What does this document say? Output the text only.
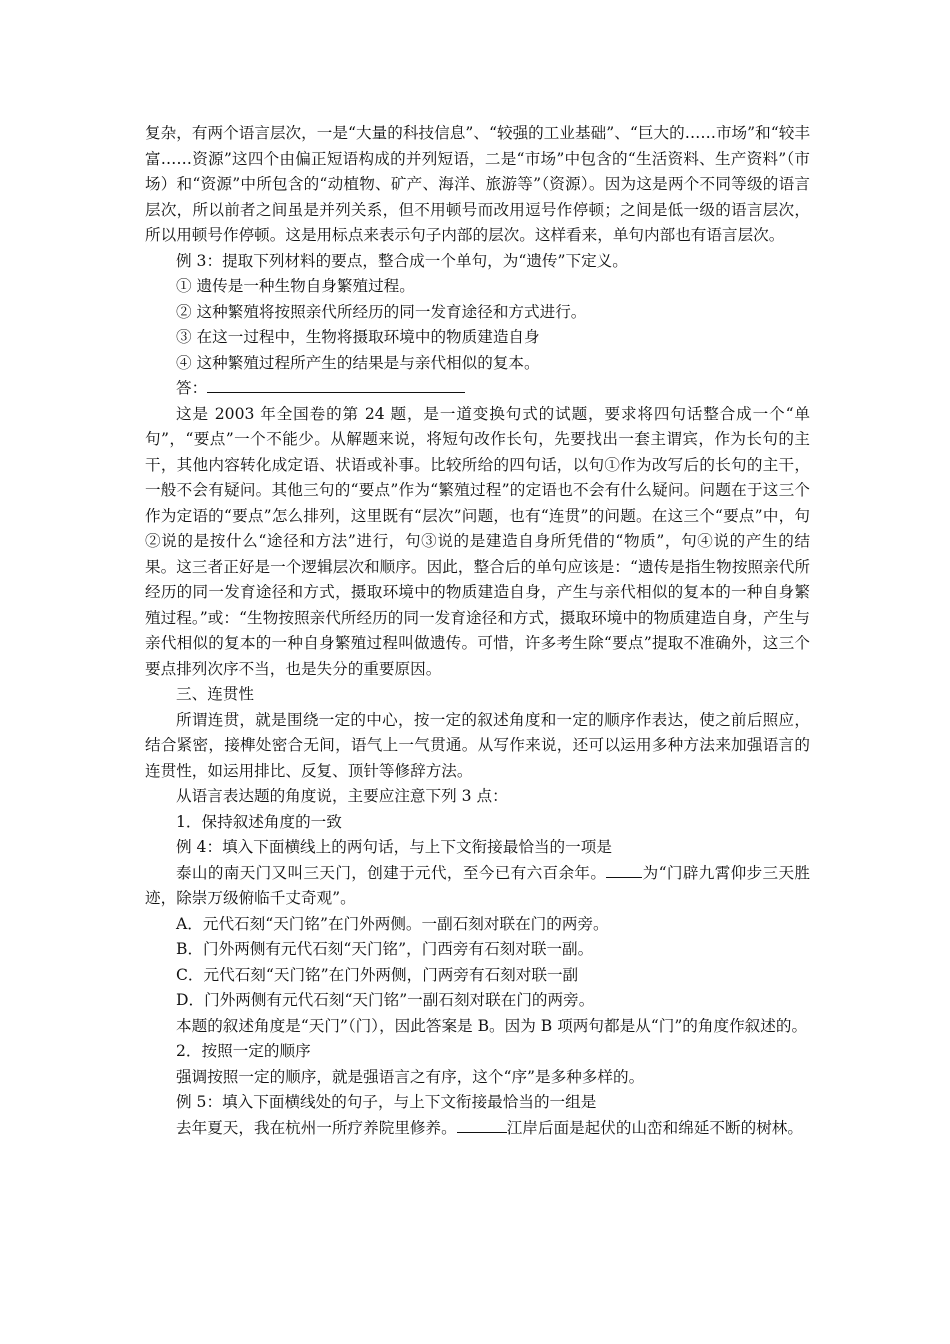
复杂，有两个语言层次，一是“大量的科技信息”、“较强的工业基础”、“巨大的……市场”和“较丰富……资源”这四个由偏正短语构成的并列短语，二是“市场”中包含的“生活资料、生产资料”（市场）和“资源”中所包含的“动植物、矿产、海洋、旅游等”（资源）。因为这是两个不同等级的语言层次，所以前者之间虽是并列关系，但不用顿号而改用逗号作停顿；之间是低一级的语言层次，所以用顿号作停顿。这是用标点来表示句子内部的层次。这样看来，单句内部也有语言层次。

例 3：提取下列材料的要点，整合成一个单句，为“遗传”下定义。

① 遗传是一种生物自身繁殖过程。

② 这种繁殖将按照亲代所经历的同一发育途径和方式进行。

③ 在这一过程中，生物将摄取环境中的物质建造自身

④ 这种繁殖过程所产生的结果是与亲代相似的复本。

答：

这是 2003 年全国卷的第 24 题，是一道变换句式的试题，要求将四句话整合成一个“单句”，“要点”一个不能少。从解题来说，将短句改作长句，先要找出一套主谓宾，作为长句的主干，其他内容转化成定语、状语或补事。比较所给的四句话，以句①作为改写后的长句的主干，一般不会有疑问。其他三句的“要点”作为“繁殖过程”的定语也不会有什么疑问。问题在于这三个作为定语的“要点”怎么排列，这里既有“层次”问题，也有“连贯”的问题。在这三个“要点”中，句②说的是按什么“途径和方法”进行，句③说的是建造自身所凭借的“物质”，句④说的产生的结果。这三者正好是一个逻辑层次和顺序。因此，整合后的单句应该是：“遗传是指生物按照亲代所经历的同一发育途径和方式，摄取环境中的物质建造自身，产生与亲代相似的复本的一种自身繁殖过程。”或：“生物按照亲代所经历的同一发育途径和方式，摄取环境中的物质建造自身，产生与亲代相似的复本的一种自身繁殖过程叫做遗传。可惜，许多考生除“要点”提取不准确外，这三个要点排列次序不当，也是失分的重要原因。

三、连贯性

所谓连贯，就是围绕一定的中心，按一定的叙述角度和一定的顺序作表达，使之前后照应，结合紧密，接榫处密合无间，语气上一气贯通。从写作来说，还可以运用多种方法来加强语言的连贯性，如运用排比、反复、顶针等修辞方法。

从语言表达题的角度说，主要应注意下列 3 点：

1．保持叙述角度的一致

例 4：填入下面横线上的两句话，与上下文衔接最恰当的一项是

泰山的南天门又叫三天门，创建于元代，至今已有六百余年。 为“门辟九霄仰步三天胜迹，除崇万级俯临千丈奇观”。

A．元代石刻“天门铭”在门外两侧。一副石刻对联在门的两旁。

B．门外两侧有元代石刻“天门铭”，门西旁有石刻对联一副。

C．元代石刻“天门铭”在门外两侧，门两旁有石刻对联一副

D．门外两侧有元代石刻“天门铭”一副石刻对联在门的两旁。

本题的叙述角度是“天门”（门），因此答案是 B。因为 B 项两句都是从“门”的角度作叙述的。

2．按照一定的顺序

强调按照一定的顺序，就是强语言之有序，这个“序”是多种多样的。

例 5：填入下面横线处的句子，与上下文衔接最恰当的一组是

去年夏天，我在杭州一所疗养院里修养。	江岸后面是起伏的山峦和绵延不断的树林。
